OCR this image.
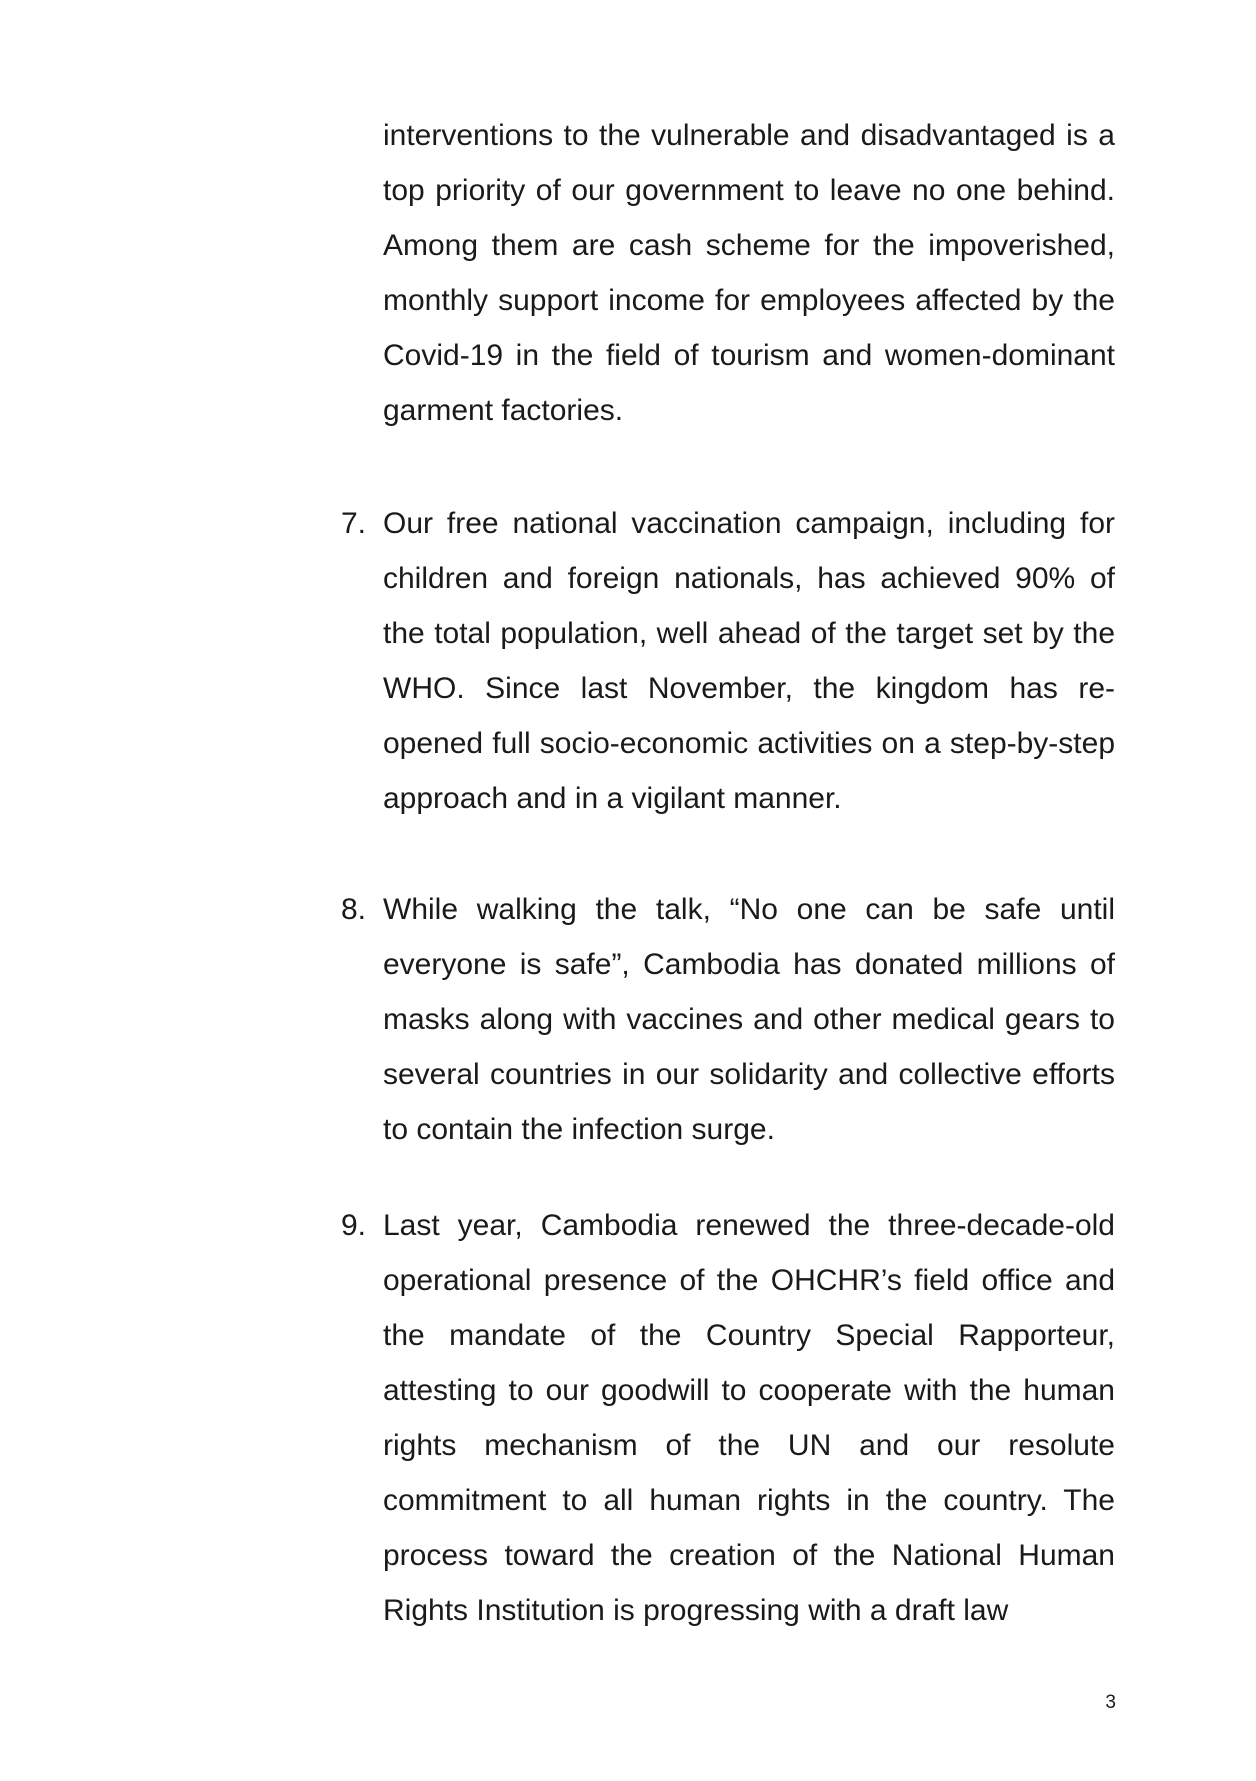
interventions to the vulnerable and disadvantaged is a top priority of our government to leave no one behind. Among them are cash scheme for the impoverished, monthly support income for employees affected by the Covid-19 in the field of tourism and women-dominant garment factories.
7. Our free national vaccination campaign, including for children and foreign nationals, has achieved 90% of the total population, well ahead of the target set by the WHO. Since last November, the kingdom has re-opened full socio-economic activities on a step-by-step approach and in a vigilant manner.
8. While walking the talk, “No one can be safe until everyone is safe”, Cambodia has donated millions of masks along with vaccines and other medical gears to several countries in our solidarity and collective efforts to contain the infection surge.
9. Last year, Cambodia renewed the three-decade-old operational presence of the OHCHR’s field office and the mandate of the Country Special Rapporteur, attesting to our goodwill to cooperate with the human rights mechanism of the UN and our resolute commitment to all human rights in the country. The process toward the creation of the National Human Rights Institution is progressing with a draft law
3
